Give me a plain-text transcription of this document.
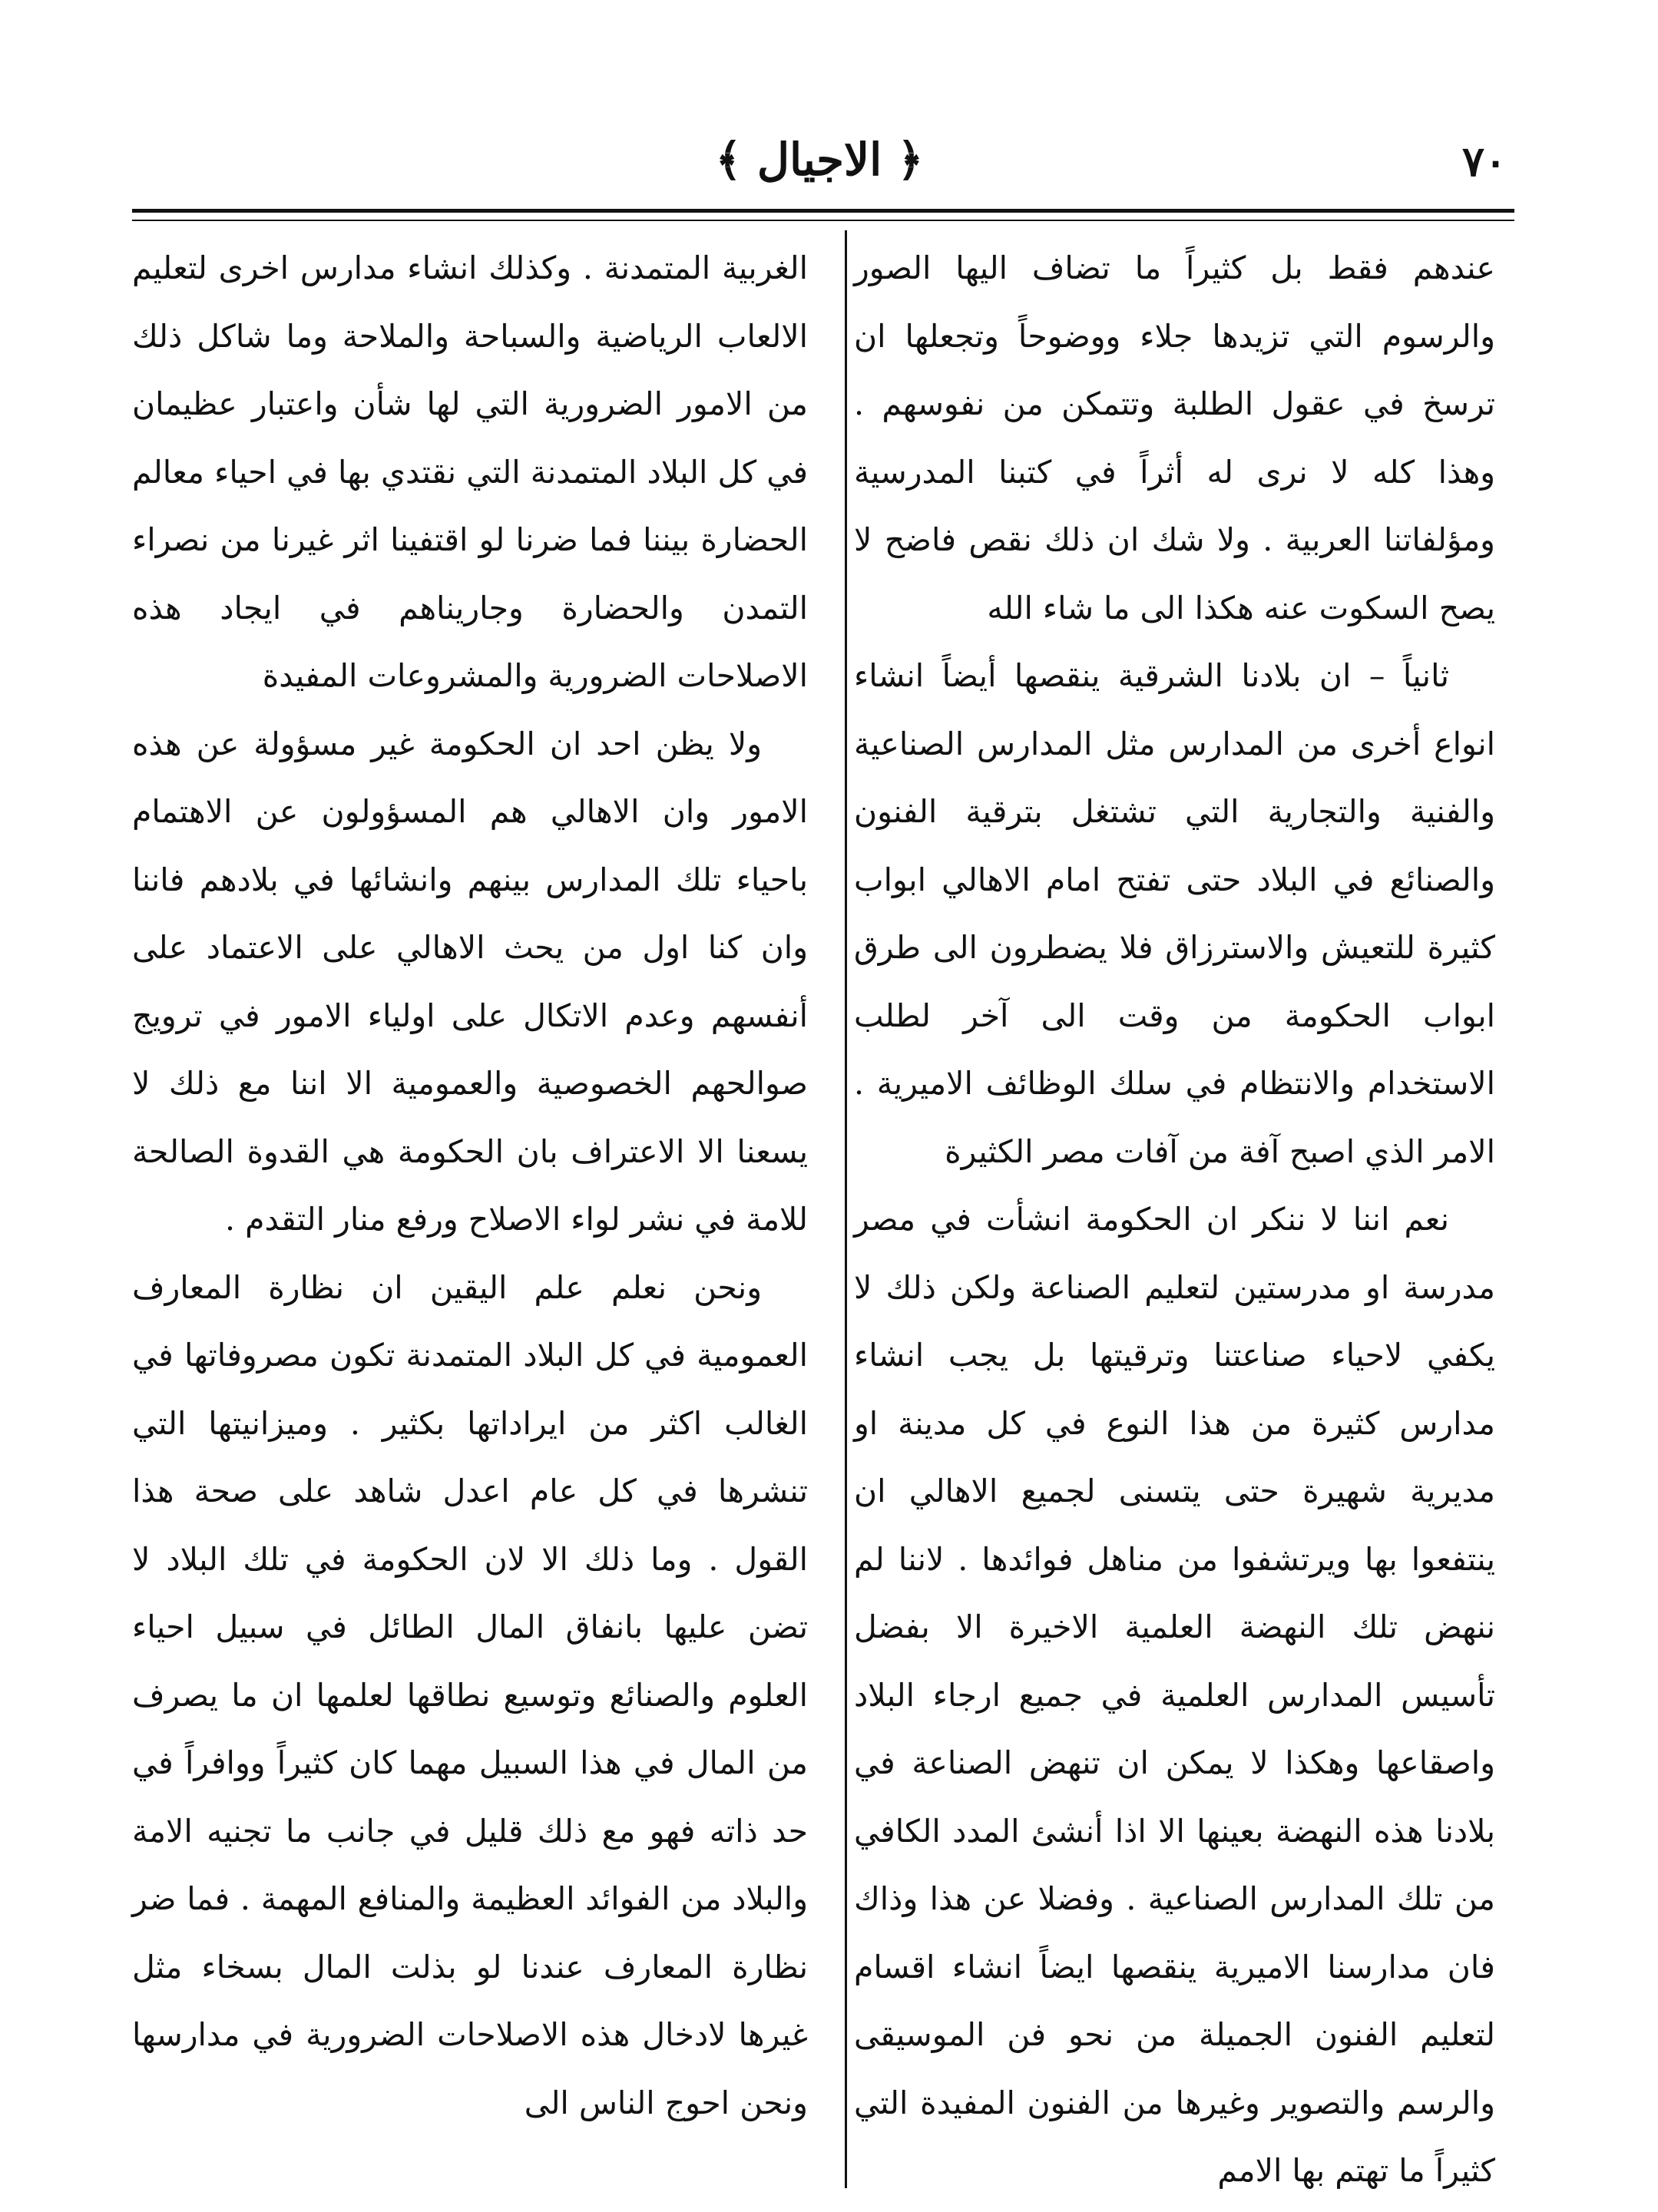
﴿ الاجيال ﴾	٧٠

عندهم فقط بل كثيراً ما تضاف اليها الصور والرسوم التي تزيدها جلاء ووضوحاً وتجعلها ان ترسخ في عقول الطلبة وتتمكن من نفوسهم . وهذا كله لا نرى له أثراً في كتبنا المدرسية ومؤلفاتنا العربية . ولا شك ان ذلك نقص فاضح لا يصح السكوت عنه هكذا الى ما شاء الله

ثانياً – ان بلادنا الشرقية ينقصها أيضاً انشاء انواع أخرى من المدارس مثل المدارس الصناعية والفنية والتجارية التي تشتغل بترقية الفنون والصنائع في البلاد حتى تفتح امام الاهالي ابواب كثيرة للتعيش والاسترزاق فلا يضطرون الى طرق ابواب الحكومة من وقت الى آخر لطلب الاستخدام والانتظام في سلك الوظائف الاميرية . الامر الذي اصبح آفة من آفات مصر الكثيرة

نعم اننا لا ننكر ان الحكومة انشأت في مصر مدرسة او مدرستين لتعليم الصناعة ولكن ذلك لا يكفي لاحياء صناعتنا وترقيتها بل يجب انشاء مدارس كثيرة من هذا النوع في كل مدينة او مديرية شهيرة حتى يتسنى لجميع الاهالي ان ينتفعوا بها ويرتشفوا من مناهل فوائدها . لاننا لم ننهض تلك النهضة العلمية الاخيرة الا بفضل تأسيس المدارس العلمية في جميع ارجاء البلاد واصقاعها وهكذا لا يمكن ان تنهض الصناعة في بلادنا هذه النهضة بعينها الا اذا أنشئ المدد الكافي من تلك المدارس الصناعية . وفضلا عن هذا وذاك فان مدارسنا الاميرية ينقصها ايضاً انشاء اقسام لتعليم الفنون الجميلة من نحو فن الموسيقى والرسم والتصوير وغيرها من الفنون المفيدة التي كثيراً ما تهتم بها الامم

الغربية المتمدنة . وكذلك انشاء مدارس اخرى لتعليم الالعاب الرياضية والسباحة والملاحة وما شاكل ذلك من الامور الضرورية التي لها شأن واعتبار عظيمان في كل البلاد المتمدنة التي نقتدي بها في احياء معالم الحضارة بيننا فما ضرنا لو اقتفينا اثر غيرنا من نصراء التمدن والحضارة وجاريناهم في ايجاد هذه الاصلاحات الضرورية والمشروعات المفيدة

ولا يظن احد ان الحكومة غير مسؤولة عن هذه الامور وان الاهالي هم المسؤولون عن الاهتمام باحياء تلك المدارس بينهم وانشائها في بلادهم فاننا وان كنا اول من يحث الاهالي على الاعتماد على أنفسهم وعدم الاتكال على اولياء الامور في ترويج صوالحهم الخصوصية والعمومية الا اننا مع ذلك لا يسعنا الا الاعتراف بان الحكومة هي القدوة الصالحة للامة في نشر لواء الاصلاح ورفع منار التقدم .

ونحن نعلم علم اليقين ان نظارة المعارف العمومية في كل البلاد المتمدنة تكون مصروفاتها في الغالب اكثر من ايراداتها بكثير . وميزانيتها التي تنشرها في كل عام اعدل شاهد على صحة هذا القول . وما ذلك الا لان الحكومة في تلك البلاد لا تضن عليها بانفاق المال الطائل في سبيل احياء العلوم والصنائع وتوسيع نطاقها لعلمها ان ما يصرف من المال في هذا السبيل مهما كان كثيراً ووافراً في حد ذاته فهو مع ذلك قليل في جانب ما تجنيه الامة والبلاد من الفوائد العظيمة والمنافع المهمة . فما ضر نظارة المعارف عندنا لو بذلت المال بسخاء مثل غيرها لادخال هذه الاصلاحات الضرورية في مدارسها ونحن احوج الناس الى
